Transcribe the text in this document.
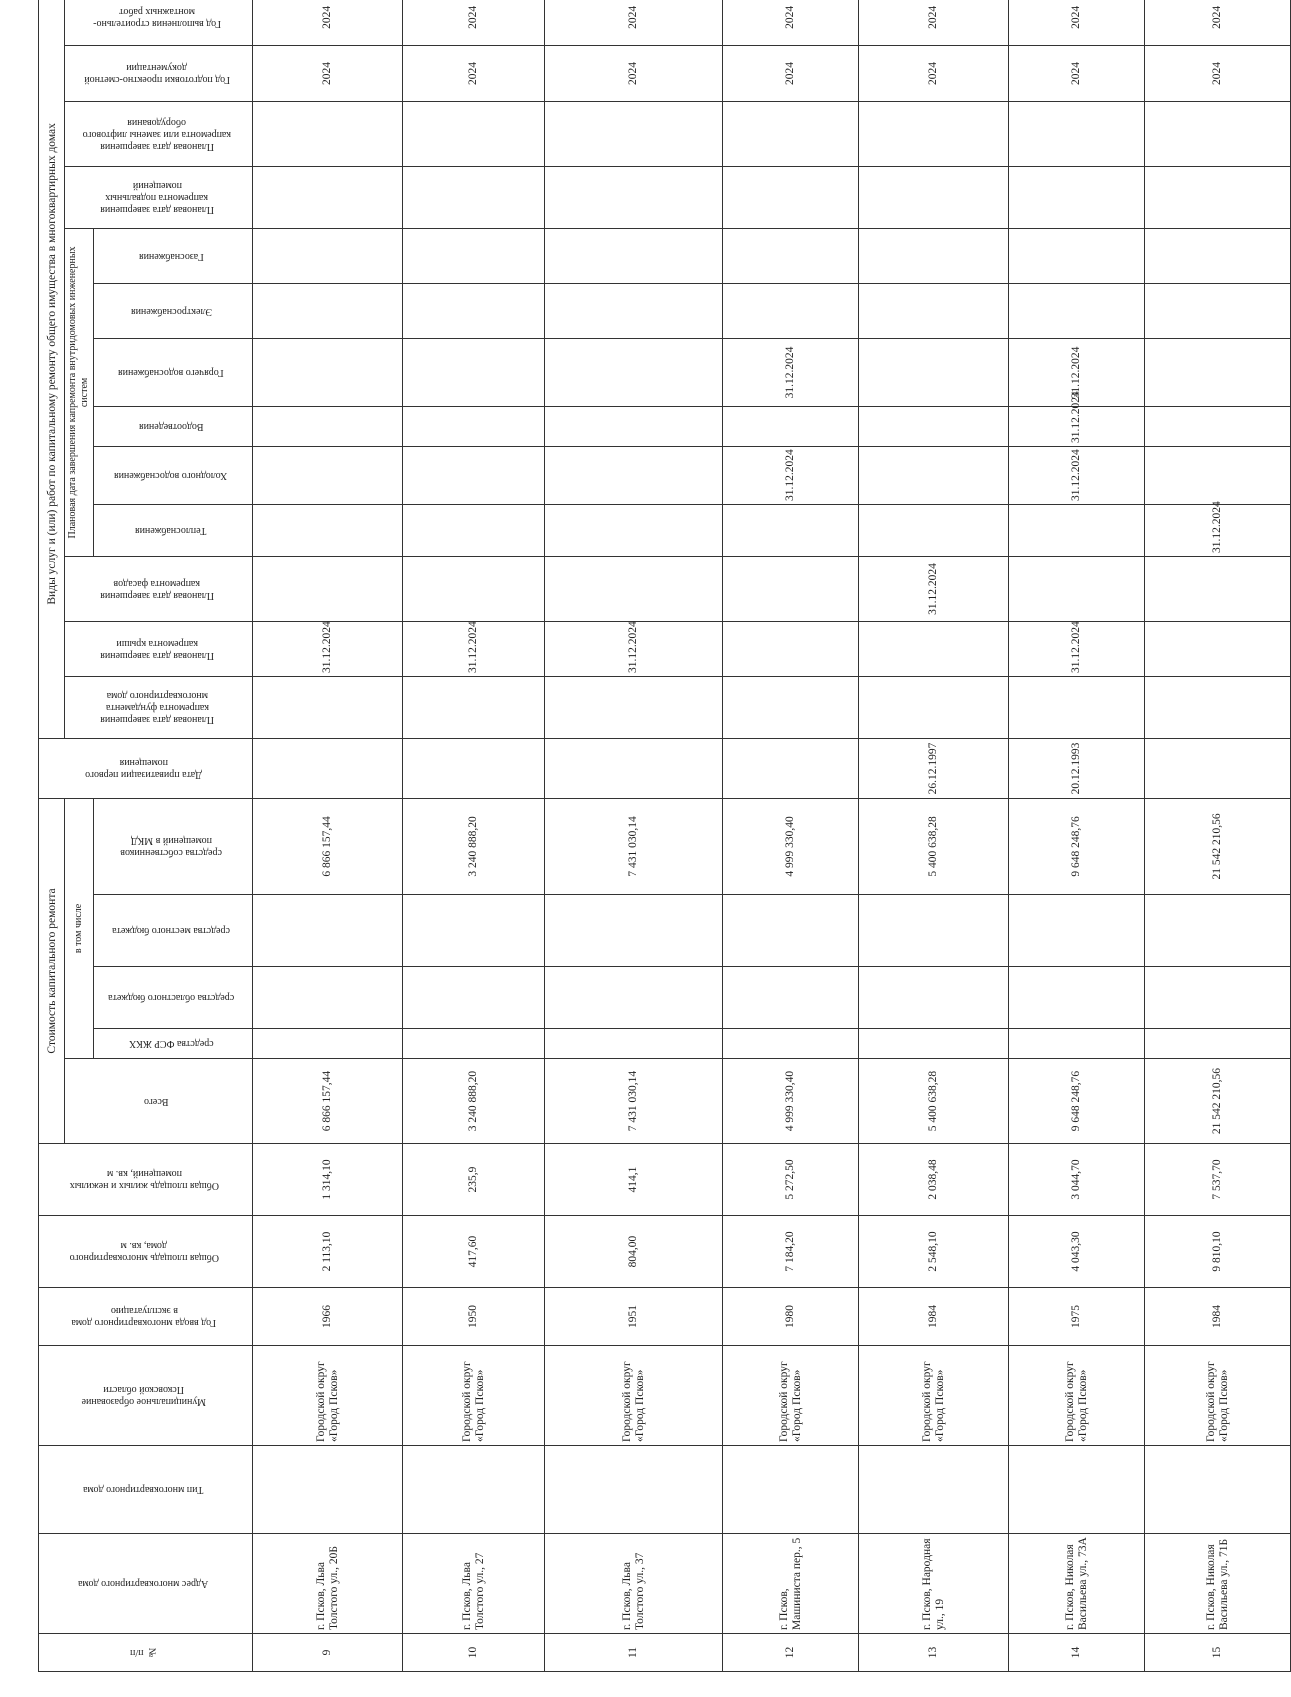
№ п/п	Адрес многоквартирного дома	Тип многоквартирного дома	Муниципальное образование Псковской области	Год ввода многоквартирного дома в эксплуатацию	Общая площадь многоквартирного дома, кв. м	Общая площадь жилых и нежилых помещений, кв. м	Стоимость капитального ремонта					Дата приватизации первого помещения	Виды услуг и (или) работ по капитальному ремонту общего имущества в многоквартирных домах												
							Всего	в том числе					Плановая дата завершения капремонта фундамента многоквартирного дома	Плановая дата завершения капремонта крыши	Плановая дата завершения капремонта фасадов	Плановая дата завершения капремонта внутридомовых инженерных систем						Плановая дата завершения капремонта подвальных помещений	Плановая дата завершения капремонта или замены лифтового оборудования	Год подготовки проектно-сметной документации	Год выполнения строительно-монтажных работ
								средства ФСР ЖКХ	средства областного бюджета	средства местного бюджета	средства собственников помещений в МКД					Теплоснабжения	Холодного водоснабжения	Водоотведения	Горячего водоснабжения	Электроснабжения	Газоснабжения				
9	г. Псков, Льва Толстого ул., 20Б		Городской округ «Город Псков»	1966	2 113,10	1 314,10	6 866 157,44				6 866 157,44			31.12.2024										2024	2024
10	г. Псков, Льва Толстого ул., 27		Городской округ «Город Псков»	1950	417,60	235,9	3 240 888,20				3 240 888,20			31.12.2024										2024	2024
11	г. Псков, Льва Толстого ул., 37		Городской округ «Город Псков»	1951	804,00	414,1	7 431 030,14				7 431 030,14			31.12.2024										2024	2024
12	г. Псков, Машиниста пер., 5		Городской округ «Город Псков»	1980	7 184,20	5 272,50	4 999 330,40				4 999 330,40						31.12.2024		31.12.2024					2024	2024
13	г. Псков, Народная ул., 19		Городской округ «Город Псков»	1984	2 548,10	2 038,48	5 400 638,28				5 400 638,28	26.12.1997			31.12.2024									2024	2024
14	г. Псков, Николая Васильева ул., 73А		Городской округ «Город Псков»	1975	4 043,30	3 044,70	9 648 248,76				9 648 248,76	20.12.1993		31.12.2024			31.12.2024	31.12.2024	31.12.2024					2024	2024
15	г. Псков, Николая Васильева ул., 71Б		Городской округ «Город Псков»	1984	9 810,10	7 537,70	21 542 210,56				21 542 210,56					31.12.2024								2024	2024
